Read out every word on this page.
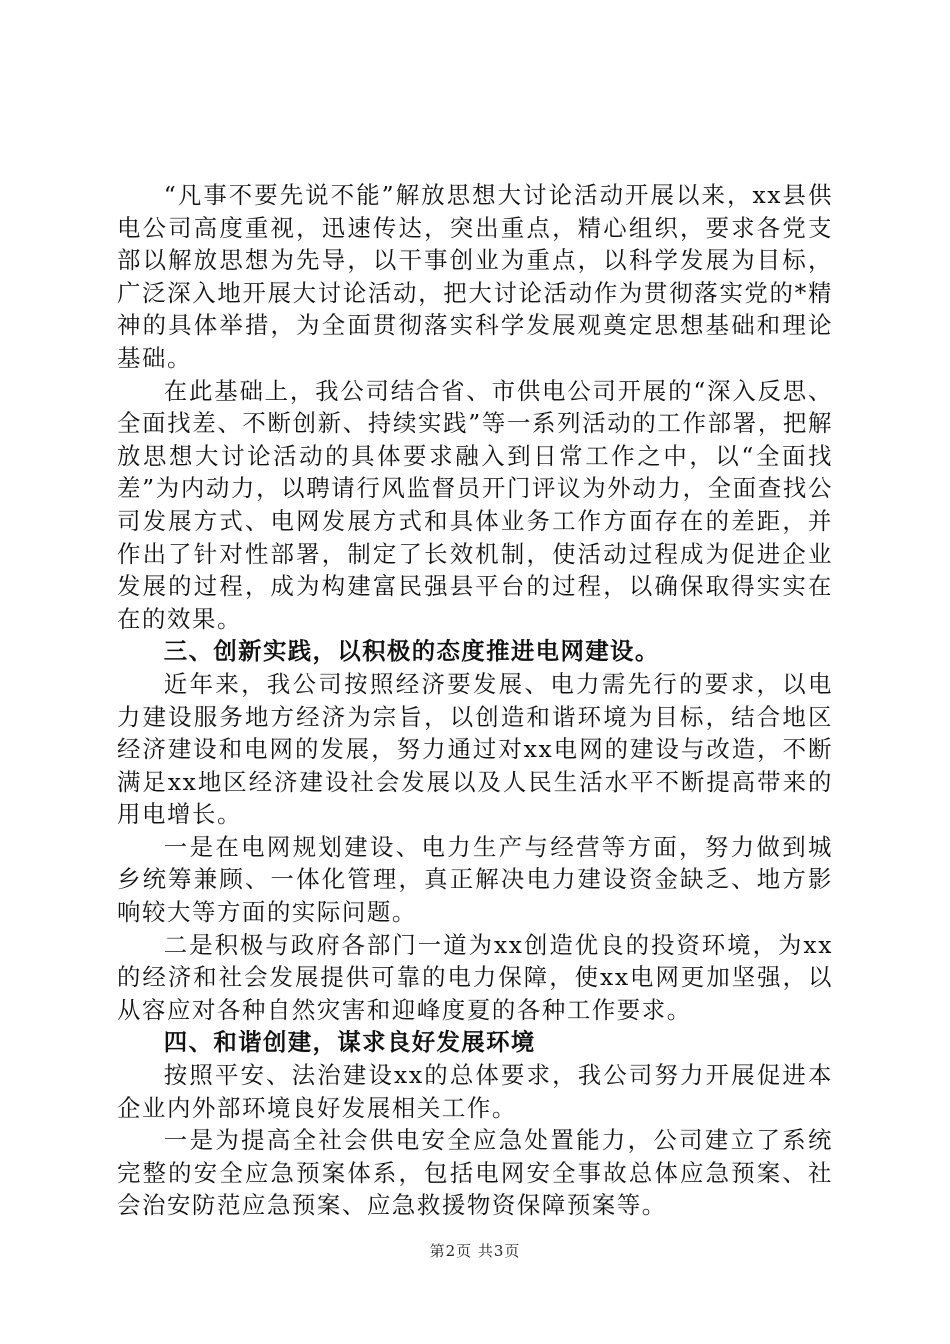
“凡事不要先说不能”解放思想大讨论活动开展以来，xx县供电公司高度重视，迅速传达，突出重点，精心组织，要求各党支部以解放思想为先导，以干事创业为重点，以科学发展为目标，广泛深入地开展大讨论活动，把大讨论活动作为贯彻落实党的*精神的具体举措，为全面贯彻落实科学发展观奠定思想基础和理论基础。

在此基础上，我公司结合省、市供电公司开展的“深入反思、全面找差、不断创新、持续实践”等一系列活动的工作部署，把解放思想大讨论活动的具体要求融入到日常工作之中，以“全面找差”为内动力，以聘请行风监督员开门评议为外动力，全面查找公司发展方式、电网发展方式和具体业务工作方面存在的差距，并作出了针对性部署，制定了长效机制，使活动过程成为促进企业发展的过程，成为构建富民强县平台的过程，以确保取得实实在在的效果。

三、创新实践，以积极的态度推进电网建设。

近年来，我公司按照经济要发展、电力需先行的要求，以电力建设服务地方经济为宗旨，以创造和谐环境为目标，结合地区经济建设和电网的发展，努力通过对xx电网的建设与改造，不断满足xx地区经济建设社会发展以及人民生活水平不断提高带来的用电增长。

一是在电网规划建设、电力生产与经营等方面，努力做到城乡统筹兼顾、一体化管理，真正解决电力建设资金缺乏、地方影响较大等方面的实际问题。

二是积极与政府各部门一道为xx创造优良的投资环境，为xx的经济和社会发展提供可靠的电力保障，使xx电网更加坚强，以从容应对各种自然灾害和迎峰度夏的各种工作要求。

四、和谐创建，谋求良好发展环境

按照平安、法治建设xx的总体要求，我公司努力开展促进本企业内外部环境良好发展相关工作。

一是为提高全社会供电安全应急处置能力，公司建立了系统完整的安全应急预案体系，包括电网安全事故总体应急预案、社会治安防范应急预案、应急救援物资保障预案等。

第2页 共3页
